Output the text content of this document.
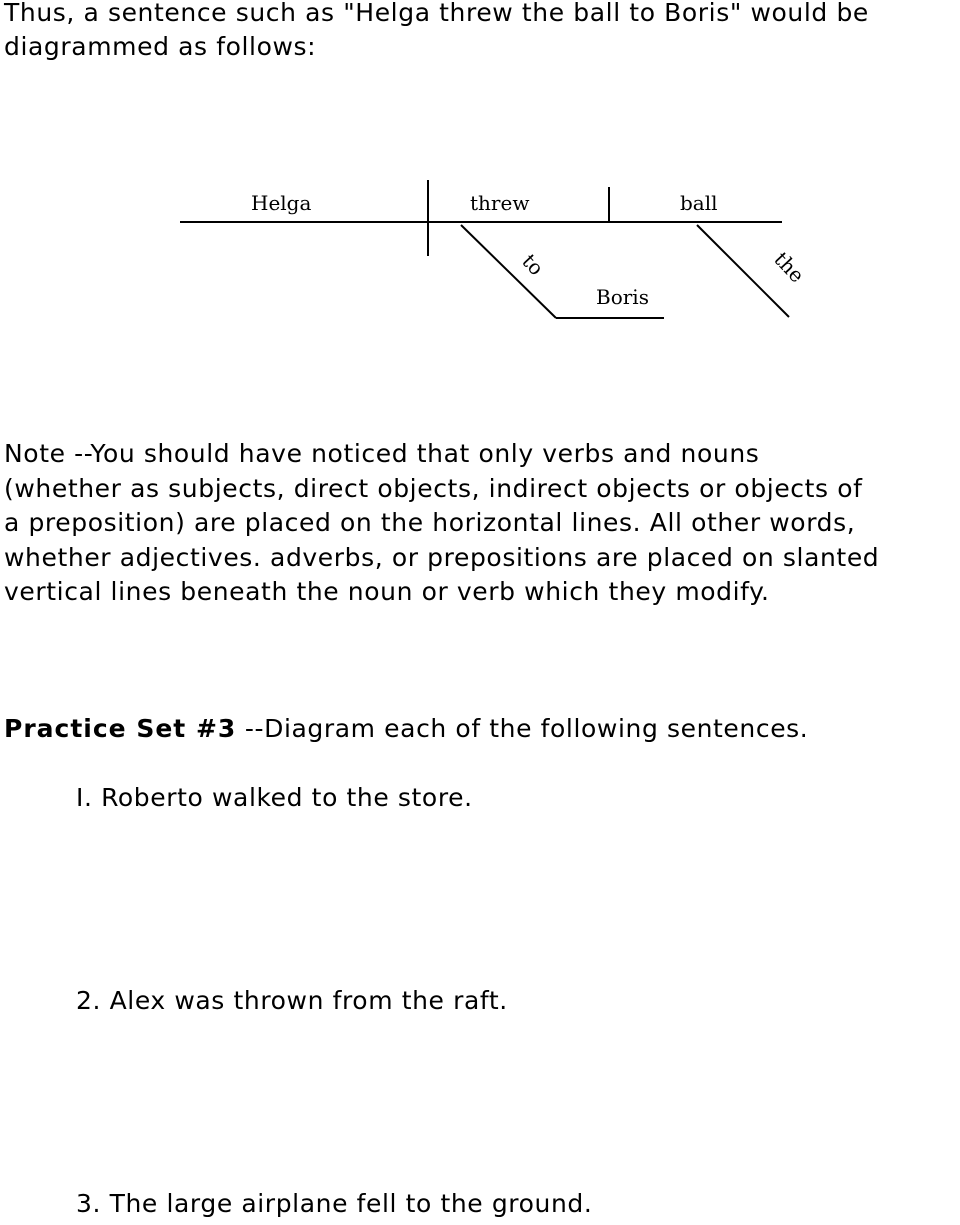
Thus, a sentence such as "Helga threw the ball to Boris" would be
diagrammed as follows:
Helga	threw	ball
to
Boris
the
Note --You should have noticed that only verbs and nouns
(whether as subjects, direct objects, indirect objects or objects of
a preposition) are placed on the horizontal lines. All other words,
whether adjectives. adverbs, or prepositions are placed on slanted
vertical lines beneath the noun or verb which they modify.
Practice Set #3 --Diagram each of the following sentences.
I. Roberto walked to the store.
2. Alex was thrown from the raft.
3. The large airplane fell to the ground.
